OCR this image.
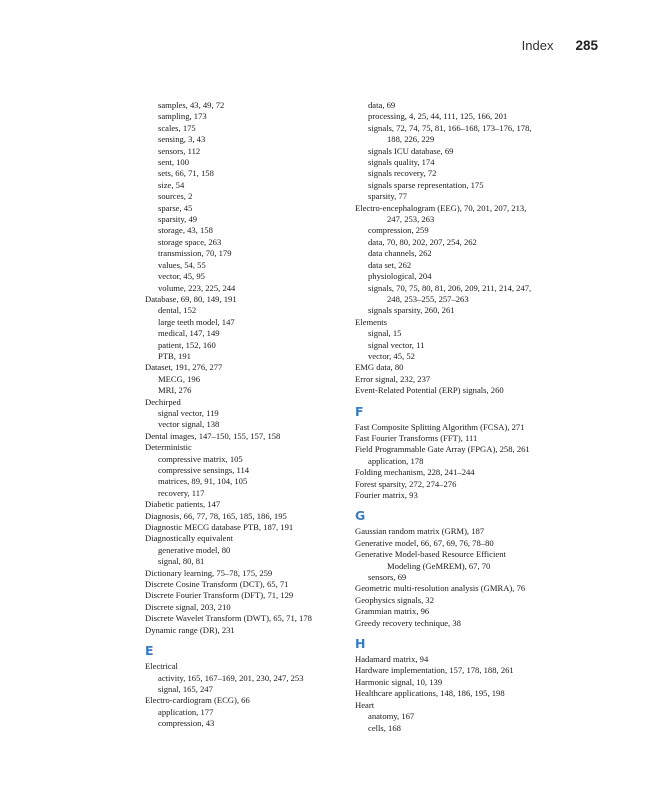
Index 285
samples, 43, 49, 72
sampling, 173
scales, 175
sensing, 3, 43
sensors, 112
sent, 100
sets, 66, 71, 158
size, 54
sources, 2
sparse, 45
sparsity, 49
storage, 43, 158
storage space, 263
transmission, 70, 179
values, 54, 55
vector, 45, 95
volume, 223, 225, 244
Database, 69, 80, 149, 191
dental, 152
large teeth model, 147
medical, 147, 149
patient, 152, 160
PTB, 191
Dataset, 191, 276, 277
MECG, 196
MRI, 276
Dechirped
signal vector, 119
vector signal, 138
Dental images, 147–150, 155, 157, 158
Deterministic
compressive matrix, 105
compressive sensings, 114
matrices, 89, 91, 104, 105
recovery, 117
Diabetic patients, 147
Diagnosis, 66, 77, 78, 165, 185, 186, 195
Diagnostic MECG database PTB, 187, 191
Diagnostically equivalent
generative model, 80
signal, 80, 81
Dictionary learning, 75–78, 175, 259
Discrete Cosine Transform (DCT), 65, 71
Discrete Fourier Transform (DFT), 71, 129
Discrete signal, 203, 210
Discrete Wavelet Transform (DWT), 65, 71, 178
Dynamic range (DR), 231
E
Electrical
activity, 165, 167–169, 201, 230, 247, 253
signal, 165, 247
Electro-cardiogram (ECG), 66
application, 177
compression, 43
data, 69
processing, 4, 25, 44, 111, 125, 166, 201
signals, 72, 74, 75, 81, 166–168, 173–176, 178,
188, 226, 229
signals ICU database, 69
signals quality, 174
signals recovery, 72
signals sparse representation, 175
sparsity, 77
Electro-encephalogram (EEG), 70, 201, 207, 213,
247, 253, 263
compression, 259
data, 70, 80, 202, 207, 254, 262
data channels, 262
data set, 262
physiological, 204
signals, 70, 75, 80, 81, 206, 209, 211, 214, 247,
248, 253–255, 257–263
signals sparsity, 260, 261
Elements
signal, 15
signal vector, 11
vector, 45, 52
EMG data, 80
Error signal, 232, 237
Event-Related Potential (ERP) signals, 260
F
Fast Composite Splitting Algorithm (FCSA), 271
Fast Fourier Transforms (FFT), 111
Field Programmable Gate Array (FPGA), 258, 261
application, 178
Folding mechanism, 228, 241–244
Forest sparsity, 272, 274–276
Fourier matrix, 93
G
Gaussian random matrix (GRM), 187
Generative model, 66, 67, 69, 76, 78–80
Generative Model-based Resource Efficient
Modeling (GeMREM), 67, 70
sensors, 69
Geometric multi-resolution analysis (GMRA), 76
Geophysics signals, 32
Grammian matrix, 96
Greedy recovery technique, 38
H
Hadamard matrix, 94
Hardware implementation, 157, 178, 188, 261
Harmonic signal, 10, 139
Healthcare applications, 148, 186, 195, 198
Heart
anatomy, 167
cells, 168
